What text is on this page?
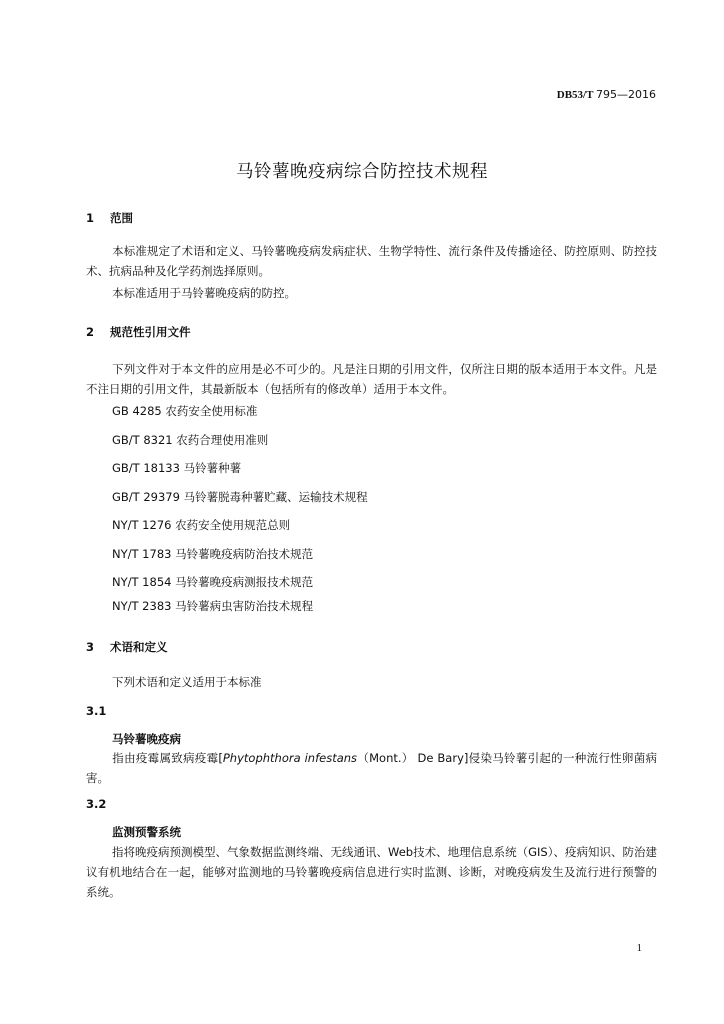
DB53/T 795—2016
马铃薯晚疫病综合防控技术规程
1 范围
本标准规定了术语和定义、马铃薯晚疫病发病症状、生物学特性、流行条件及传播途径、防控原则、防控技术、抗病品种及化学药剂选择原则。
本标准适用于马铃薯晚疫病的防控。
2 规范性引用文件
下列文件对于本文件的应用是必不可少的。凡是注日期的引用文件，仅所注日期的版本适用于本文件。凡是不注日期的引用文件，其最新版本（包括所有的修改单）适用于本文件。
GB 4285 农药安全使用标准
GB/T 8321 农药合理使用准则
GB/T 18133 马铃薯种薯
GB/T 29379 马铃薯脱毒种薯贮藏、运输技术规程
NY/T 1276 农药安全使用规范总则
NY/T 1783 马铃薯晚疫病防治技术规范
NY/T 1854 马铃薯晚疫病测报技术规范
NY/T 2383 马铃薯病虫害防治技术规程
3 术语和定义
下列术语和定义适用于本标准
3.1
马铃薯晚疫病
指由疫霉属致病疫霉[Phytophthora infestans（Mont.） De Bary]侵染马铃薯引起的一种流行性卵菌病害。
3.2
监测预警系统
指将晚疫病预测模型、气象数据监测终端、无线通讯、Web技术、地理信息系统（GIS）、疫病知识、防治建议有机地结合在一起，能够对监测地的马铃薯晚疫病信息进行实时监测、诊断，对晚疫病发生及流行进行预警的系统。
1
